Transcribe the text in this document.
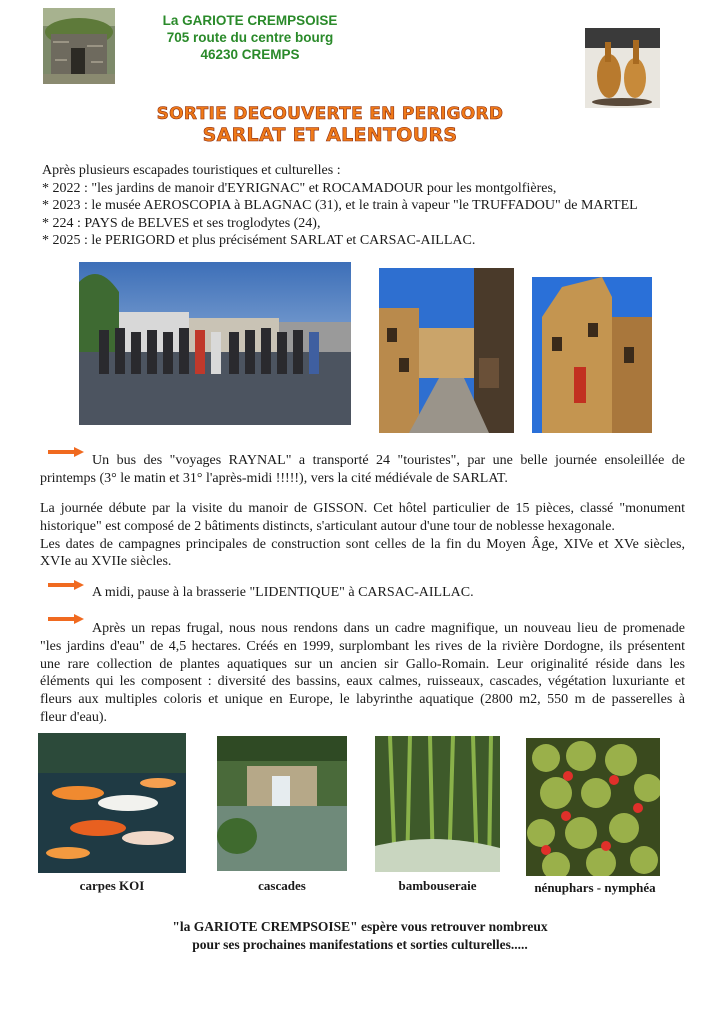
La GARIOTE CREMPSOISE
705 route du centre bourg
46230 CREMPS
SORTIE DECOUVERTE EN PERIGORD
SARLAT ET ALENTOURS
Après plusieurs escapades touristiques et culturelles :
* 2022 : "les jardins de manoir d'EYRIGNAC" et ROCAMADOUR pour les montgolfières,
* 2023 : le musée AEROSCOPIA à BLAGNAC (31), et le train à vapeur "le TRUFFADOU" de MARTEL
* 224 : PAYS de BELVES et ses troglodytes (24),
* 2025 : le PERIGORD et plus précisément SARLAT et CARSAC-AILLAC.
Un bus des "voyages RAYNAL" a transporté 24 "touristes", par une belle journée ensoleillée de
printemps (3° le matin et 31° l'après-midi !!!!!), vers la cité médiévale de SARLAT.
La journée débute par la visite du manoir de GISSON. Cet hôtel particulier de 15 pièces, classé "monument
historique" est composé de 2 bâtiments distincts, s'articulant autour d'une tour de noblesse hexagonale.
Les dates de campagnes principales de construction sont celles de la fin du Moyen Âge, XIVe et XVe siècles,
XVIe au XVIIe siècles.
A midi, pause à la brasserie "LIDENTIQUE" à CARSAC-AILLAC.
Après un repas frugal, nous nous rendons dans un cadre magnifique, un nouveau lieu de promenade
"les jardins d'eau" de 4,5 hectares. Créés en 1999, surplombant les rives de la rivière Dordogne, ils présentent
une rare collection de plantes aquatiques sur un ancien sir Gallo-Romain. Leur originalité réside dans les
éléments qui les composent : diversité des bassins, eaux calmes, ruisseaux, cascades, végétation luxuriante et
fleurs aux multiples coloris et unique en Europe, le labyrinthe aquatique (2800 m2, 550 m de passerelles à
fleur d'eau).
carpes KOI	cascades	bambouseraie	nénuphars - nymphéa
"la GARIOTE CREMPSOISE" espère vous retrouver nombreux
pour ses prochaines manifestations et sorties culturelles.....
